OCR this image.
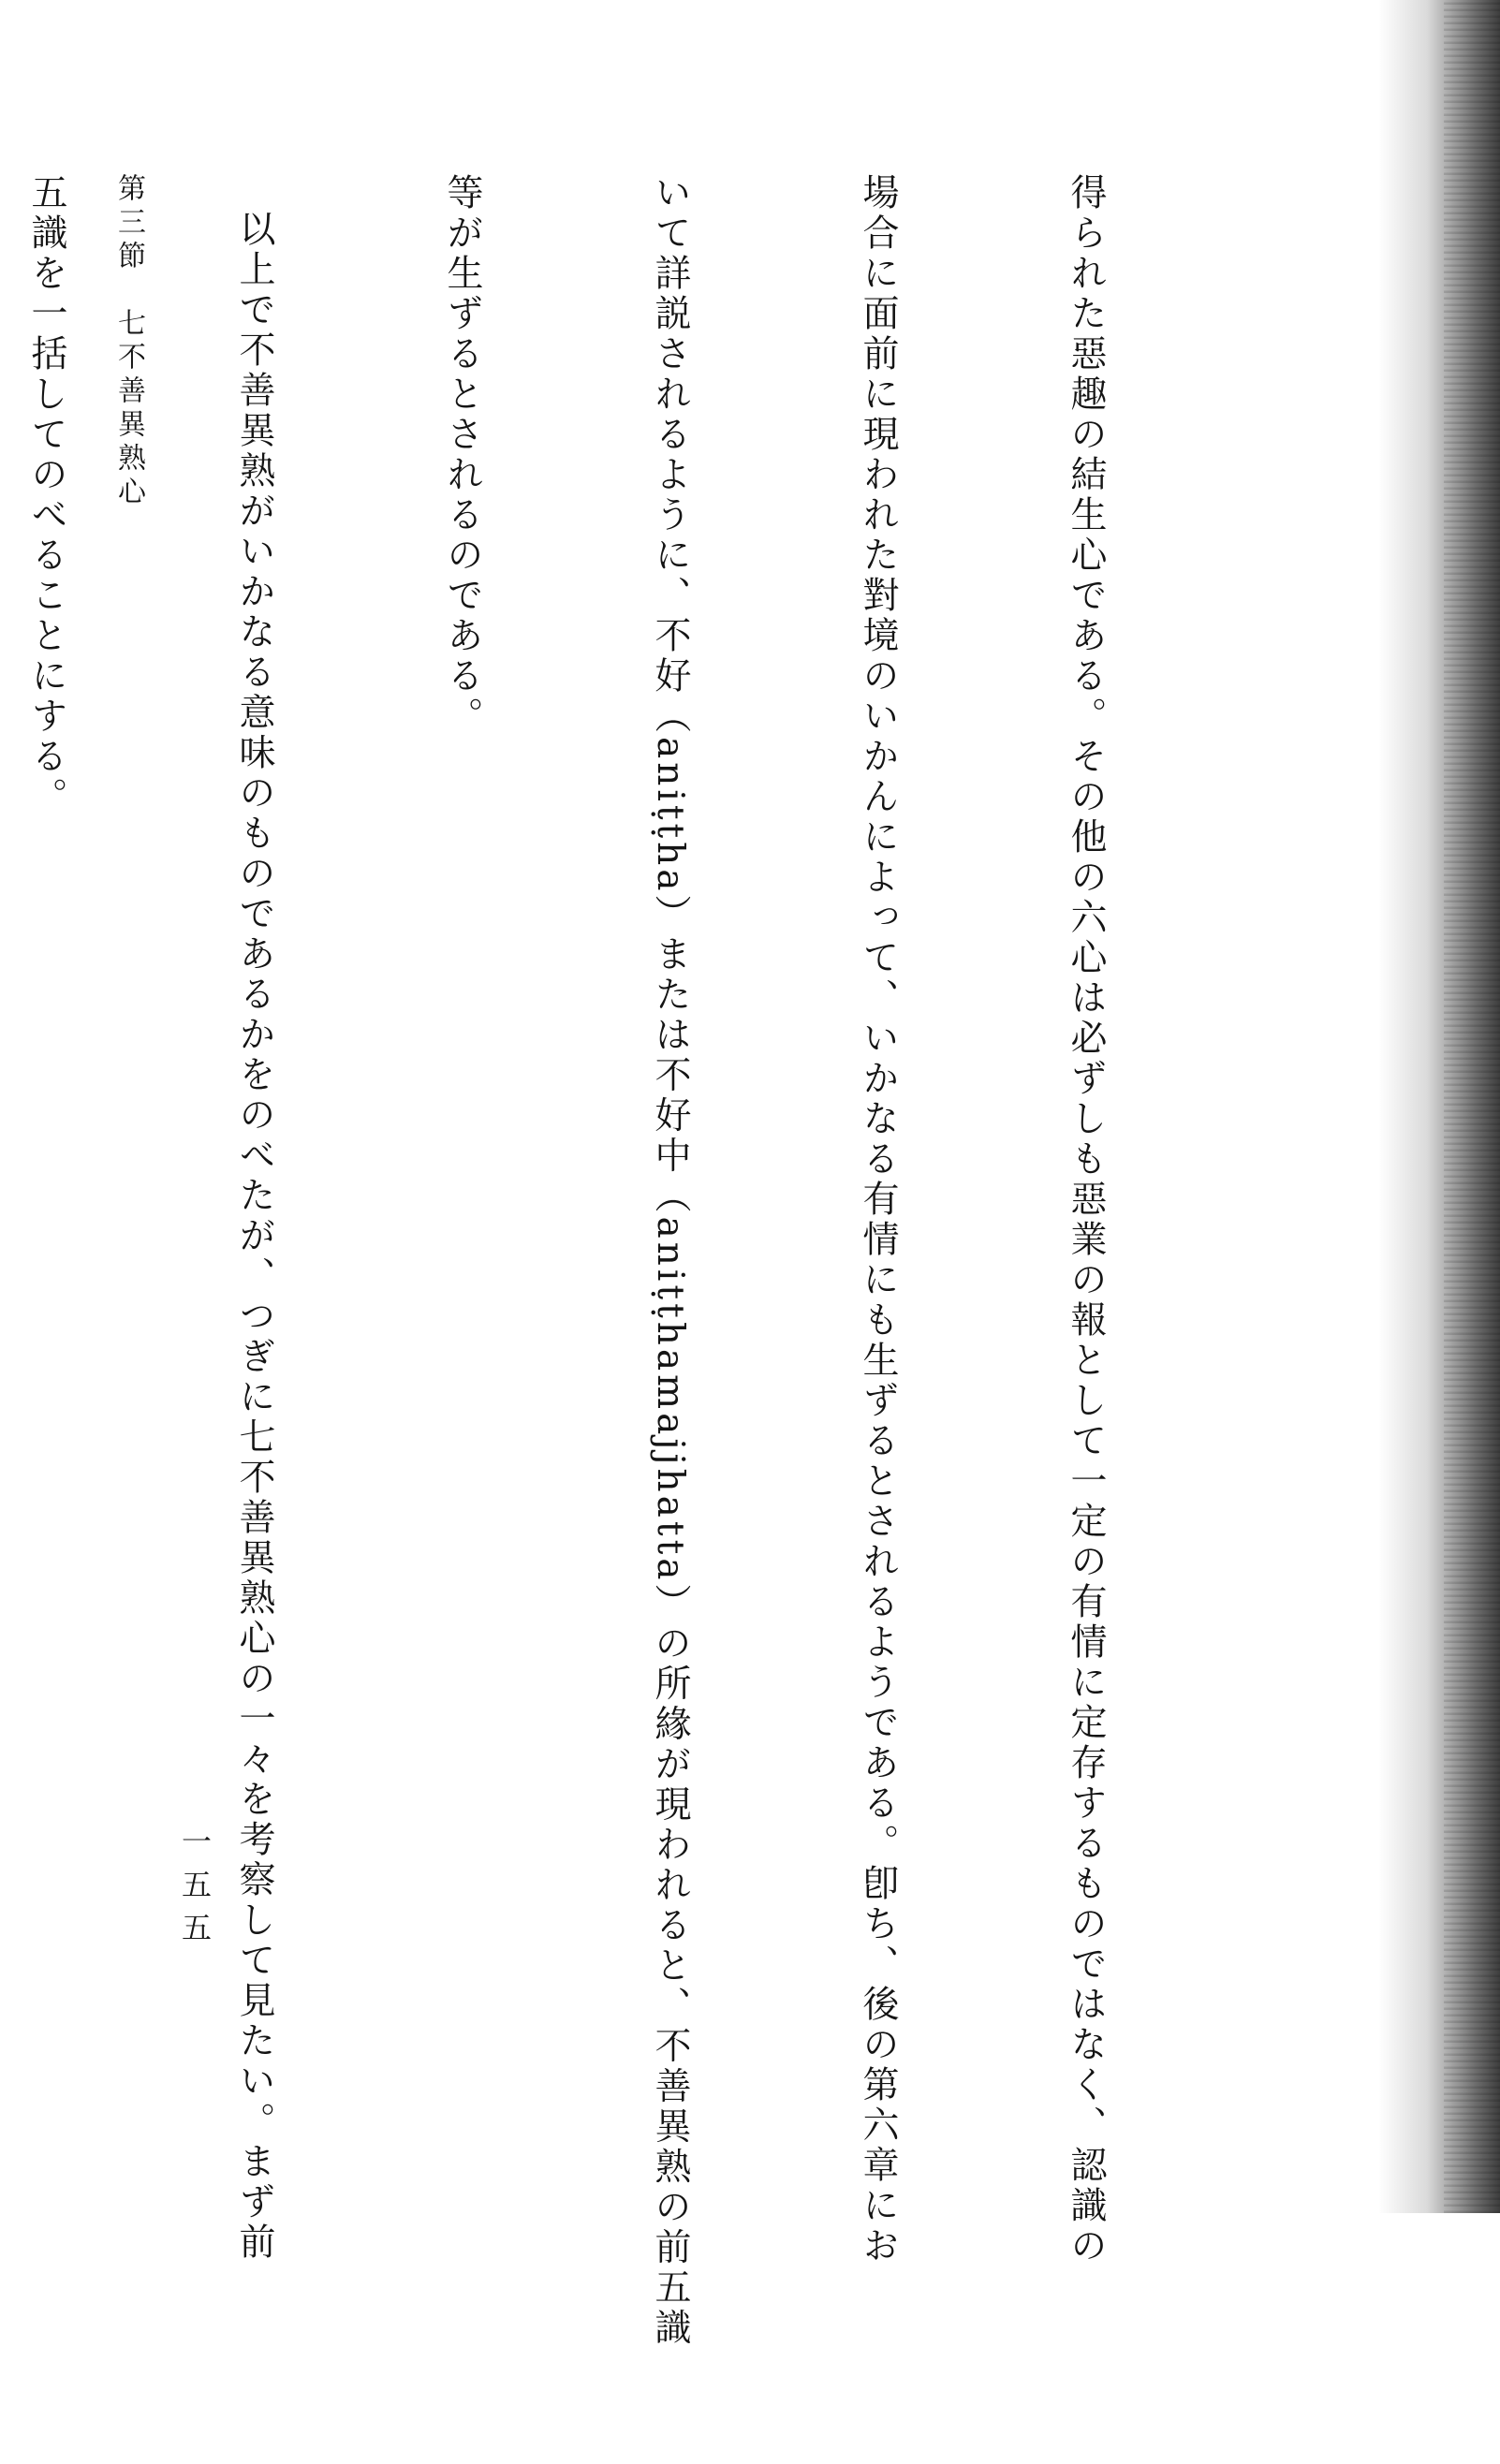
得られた惡趣の結生心である。その他の六心は必ずしも惡業の報として一定の有情に定存するものではなく、認識の

場合に面前に現われた對境のいかんによって、いかなる有情にも生ずるとされるようである。卽ち、後の第六章にお

いて詳説されるように、不好（aniṭṭha）または不好中（aniṭṭhamajjhatta）の所緣が現われると、不善異熟の前五識

等が生ずるとされるのである。

以上で不善異熟がいかなる意味のものであるかをのべたが、つぎに七不善異熟心の一々を考察して見たい。まず前

五識を一括してのべることにする。

	第三節　七不善異熟心
一五五
